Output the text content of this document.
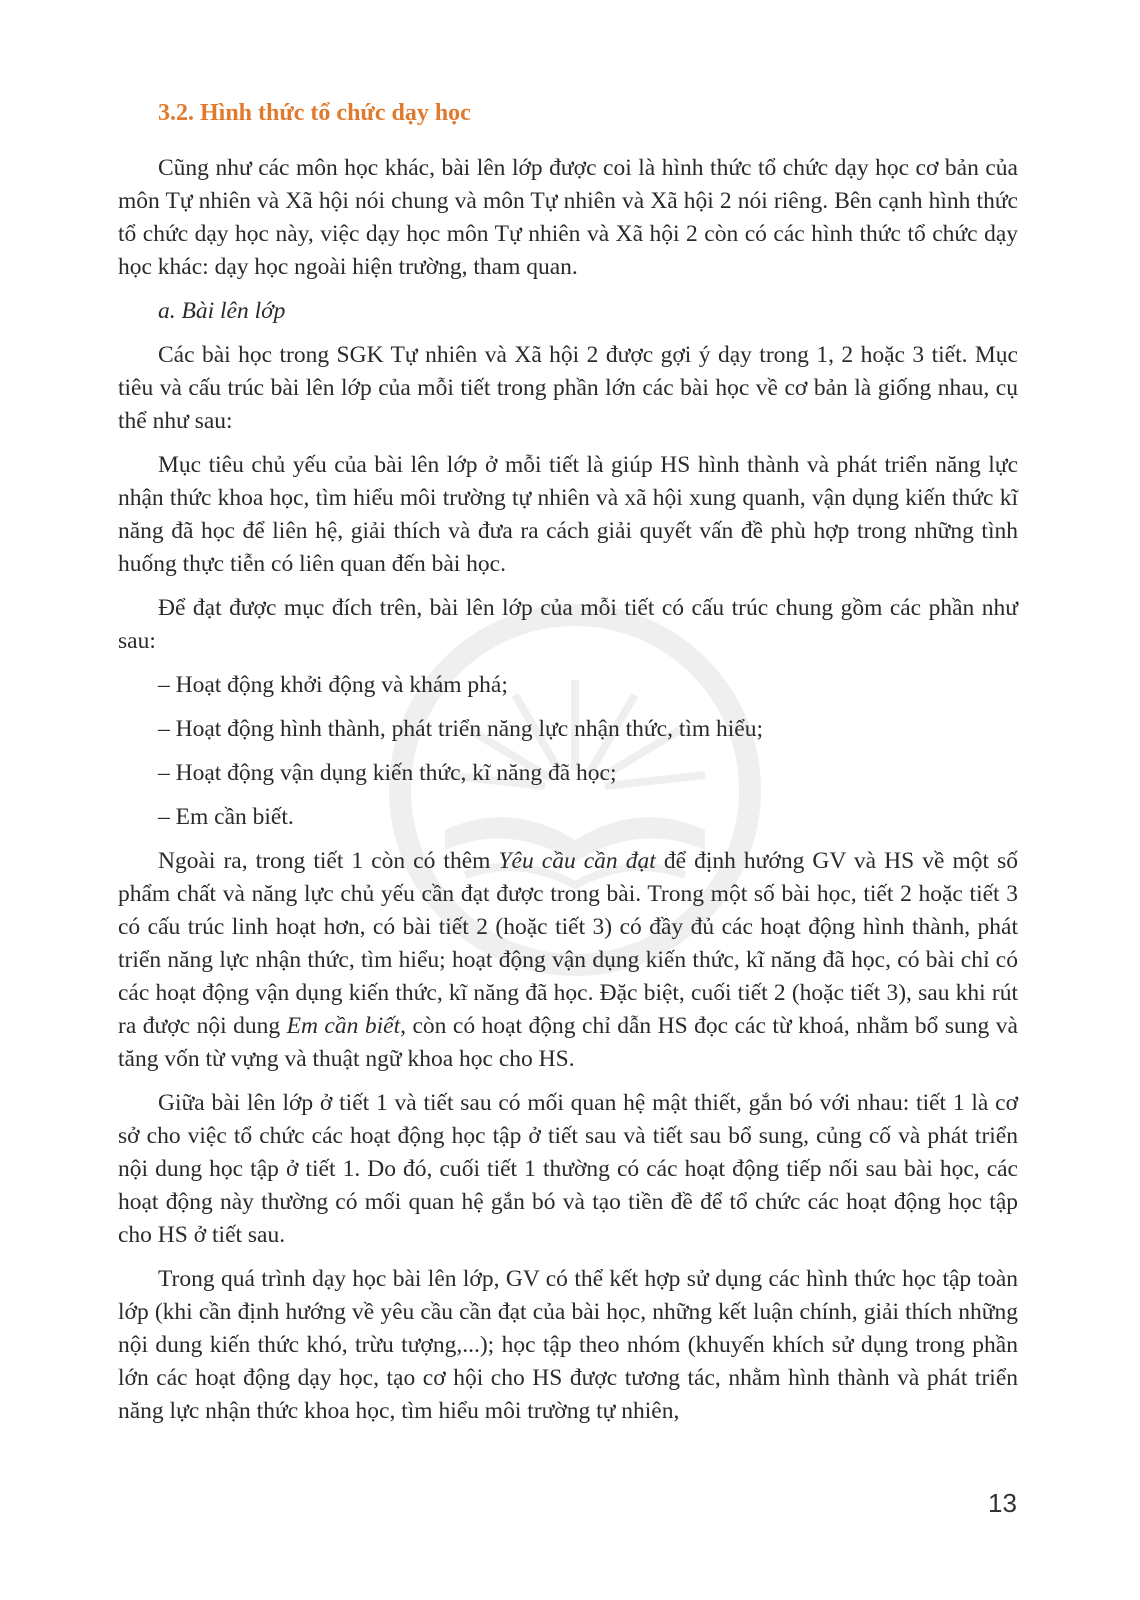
3.2. Hình thức tổ chức dạy học

Cũng như các môn học khác, bài lên lớp được coi là hình thức tổ chức dạy học cơ bản của môn Tự nhiên và Xã hội nói chung và môn Tự nhiên và Xã hội 2 nói riêng. Bên cạnh hình thức tổ chức dạy học này, việc dạy học môn Tự nhiên và Xã hội 2 còn có các hình thức tổ chức dạy học khác: dạy học ngoài hiện trường, tham quan.

a. Bài lên lớp

Các bài học trong SGK Tự nhiên và Xã hội 2 được gợi ý dạy trong 1, 2 hoặc 3 tiết. Mục tiêu và cấu trúc bài lên lớp của mỗi tiết trong phần lớn các bài học về cơ bản là giống nhau, cụ thể như sau:

Mục tiêu chủ yếu của bài lên lớp ở mỗi tiết là giúp HS hình thành và phát triển năng lực nhận thức khoa học, tìm hiểu môi trường tự nhiên và xã hội xung quanh, vận dụng kiến thức kĩ năng đã học để liên hệ, giải thích và đưa ra cách giải quyết vấn đề phù hợp trong những tình huống thực tiễn có liên quan đến bài học.

Để đạt được mục đích trên, bài lên lớp của mỗi tiết có cấu trúc chung gồm các phần như sau:

– Hoạt động khởi động và khám phá;

– Hoạt động hình thành, phát triển năng lực nhận thức, tìm hiểu;

– Hoạt động vận dụng kiến thức, kĩ năng đã học;

– Em cần biết.

Ngoài ra, trong tiết 1 còn có thêm Yêu cầu cần đạt để định hướng GV và HS về một số phẩm chất và năng lực chủ yếu cần đạt được trong bài. Trong một số bài học, tiết 2 hoặc tiết 3 có cấu trúc linh hoạt hơn, có bài tiết 2 (hoặc tiết 3) có đầy đủ các hoạt động hình thành, phát triển năng lực nhận thức, tìm hiểu; hoạt động vận dụng kiến thức, kĩ năng đã học, có bài chỉ có các hoạt động vận dụng kiến thức, kĩ năng đã học. Đặc biệt, cuối tiết 2 (hoặc tiết 3), sau khi rút ra được nội dung Em cần biết, còn có hoạt động chỉ dẫn HS đọc các từ khoá, nhằm bổ sung và tăng vốn từ vựng và thuật ngữ khoa học cho HS.

Giữa bài lên lớp ở tiết 1 và tiết sau có mối quan hệ mật thiết, gắn bó với nhau: tiết 1 là cơ sở cho việc tổ chức các hoạt động học tập ở tiết sau và tiết sau bổ sung, củng cố và phát triển nội dung học tập ở tiết 1. Do đó, cuối tiết 1 thường có các hoạt động tiếp nối sau bài học, các hoạt động này thường có mối quan hệ gắn bó và tạo tiền đề để tổ chức các hoạt động học tập cho HS ở tiết sau.

Trong quá trình dạy học bài lên lớp, GV có thể kết hợp sử dụng các hình thức học tập toàn lớp (khi cần định hướng về yêu cầu cần đạt của bài học, những kết luận chính, giải thích những nội dung kiến thức khó, trừu tượng,...); học tập theo nhóm (khuyến khích sử dụng trong phần lớn các hoạt động dạy học, tạo cơ hội cho HS được tương tác, nhằm hình thành và phát triển năng lực nhận thức khoa học, tìm hiểu môi trường tự nhiên,

13
